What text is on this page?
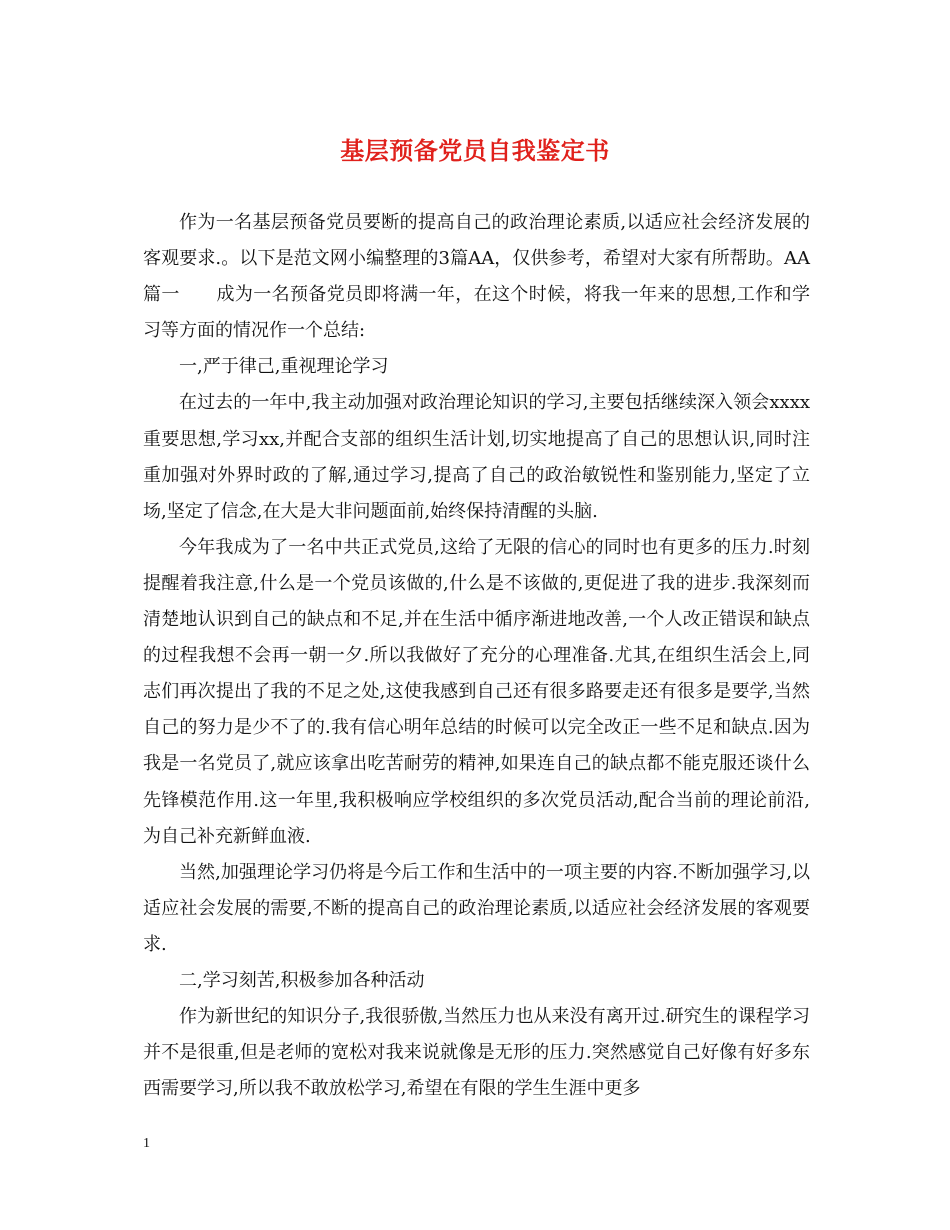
基层预备党员自我鉴定书

作为一名基层预备党员要断的提高自己的政治理论素质,以适应社会经济发展的客观要求.。以下是范文网小编整理的3篇AA，仅供参考，希望对大家有所帮助。AA篇一　　成为一名预备党员即将满一年，在这个时候，将我一年来的思想,工作和学习等方面的情况作一个总结:

一,严于律己,重视理论学习

在过去的一年中,我主动加强对政治理论知识的学习,主要包括继续深入领会xxxx重要思想,学习xx,并配合支部的组织生活计划,切实地提高了自己的思想认识,同时注重加强对外界时政的了解,通过学习,提高了自己的政治敏锐性和鉴别能力,坚定了立场,坚定了信念,在大是大非问题面前,始终保持清醒的头脑.

今年我成为了一名中共正式党员,这给了无限的信心的同时也有更多的压力.时刻提醒着我注意,什么是一个党员该做的,什么是不该做的,更促进了我的进步.我深刻而清楚地认识到自己的缺点和不足,并在生活中循序渐进地改善,一个人改正错误和缺点的过程我想不会再一朝一夕.所以我做好了充分的心理准备.尤其,在组织生活会上,同志们再次提出了我的不足之处,这使我感到自己还有很多路要走还有很多是要学,当然自己的努力是少不了的.我有信心明年总结的时候可以完全改正一些不足和缺点.因为我是一名党员了,就应该拿出吃苦耐劳的精神,如果连自己的缺点都不能克服还谈什么先锋模范作用.这一年里,我积极响应学校组织的多次党员活动,配合当前的理论前沿,为自己补充新鲜血液.

当然,加强理论学习仍将是今后工作和生活中的一项主要的内容.不断加强学习,以适应社会发展的需要,不断的提高自己的政治理论素质,以适应社会经济发展的客观要求.

二,学习刻苦,积极参加各种活动

作为新世纪的知识分子,我很骄傲,当然压力也从来没有离开过.研究生的课程学习并不是很重,但是老师的宽松对我来说就像是无形的压力.突然感觉自己好像有好多东西需要学习,所以我不敢放松学习,希望在有限的学生生涯中更多

1
